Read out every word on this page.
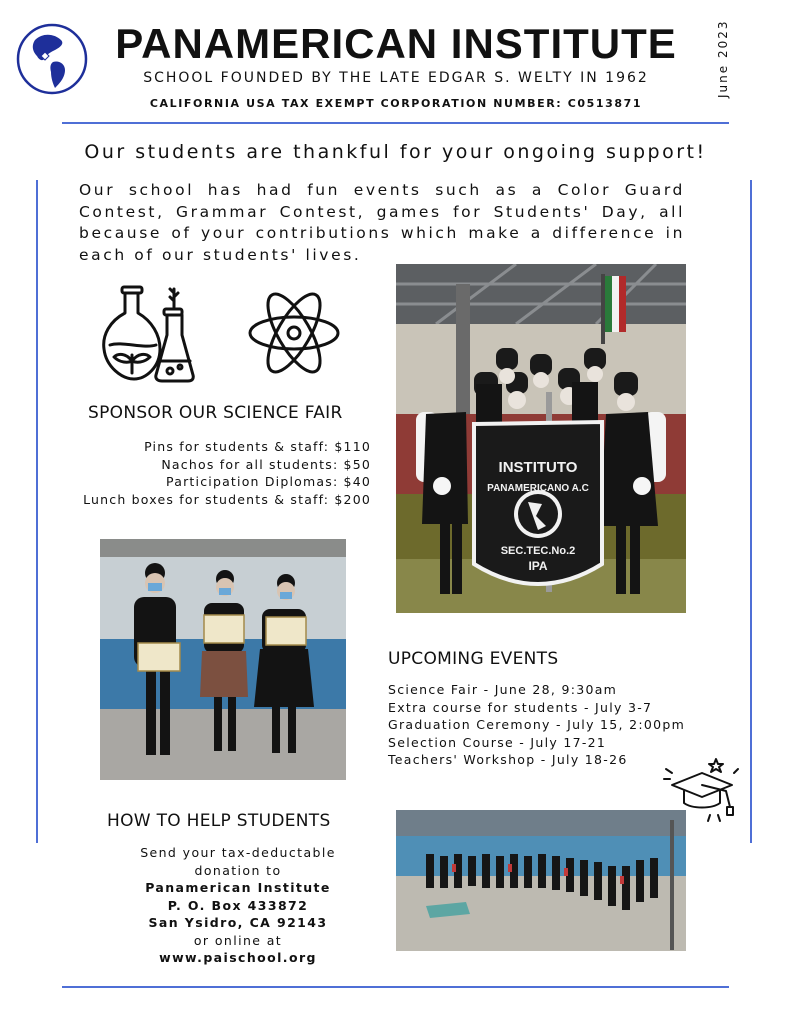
PANAMERICAN INSTITUTE
SCHOOL FOUNDED BY THE LATE EDGAR S. WELTY IN 1962
CALIFORNIA USA TAX EXEMPT CORPORATION NUMBER: C0513871
June 2023
Our students are thankful for your ongoing support!
Our school has had fun events such as a Color Guard Contest, Grammar Contest, games for Students' Day, all because of your contributions which make a difference in each of our students' lives.
SPONSOR OUR SCIENCE FAIR
Pins for students & staff: $110
Nachos for all students: $50
Participation Diplomas: $40
Lunch boxes for students & staff: $200
INSTITUTO
PANAMERICANO A.C
SEC.TEC.No.2
IPA
UPCOMING EVENTS
Science Fair - June 28, 9:30am
Extra course for students - July 3-7
Graduation Ceremony - July 15, 2:00pm
Selection Course - July 17-21
Teachers' Workshop - July 18-26
HOW TO HELP STUDENTS
Send your tax-deductable
donation to
Panamerican Institute
P. O. Box 433872
San Ysidro, CA 92143
or online at
www.paischool.org
